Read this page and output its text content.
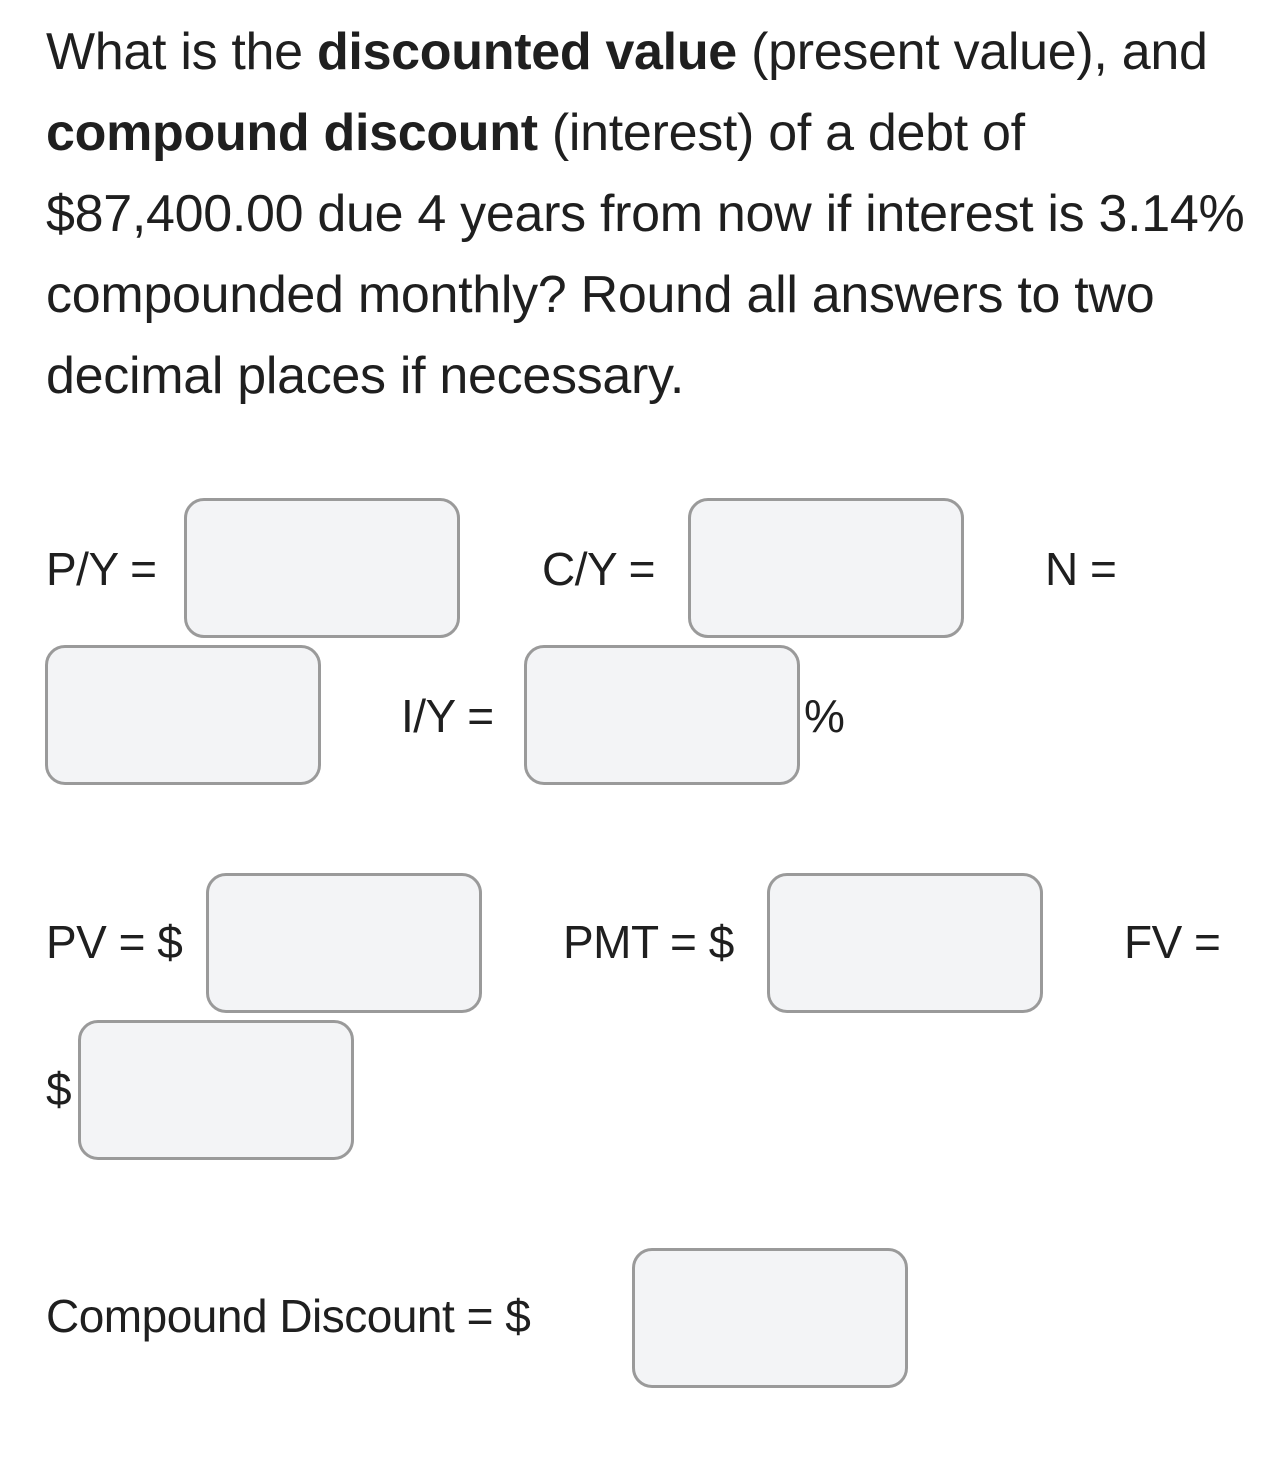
What is the discounted value (present value), and compound discount (interest) of a debt of $87,400.00 due 4 years from now if interest is 3.14% compounded monthly? Round all answers to two decimal places if necessary.
P/Y =	C/Y =	N =
I/Y =	%
PV = $	PMT = $	FV =
$
Compound Discount = $
